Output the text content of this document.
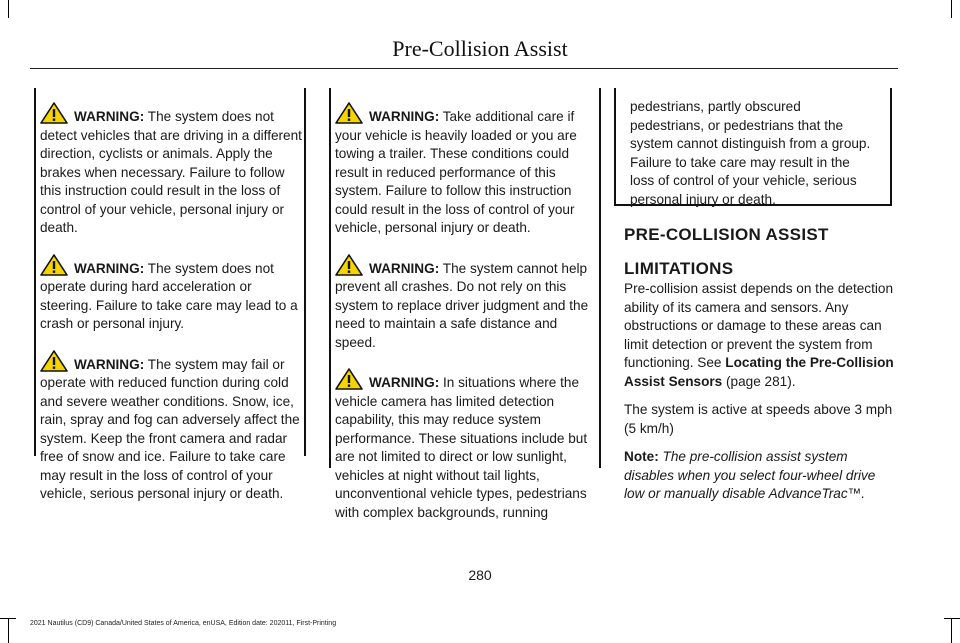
Pre-Collision Assist

WARNING: The system does not detect vehicles that are driving in a different direction, cyclists or animals. Apply the brakes when necessary. Failure to follow this instruction could result in the loss of control of your vehicle, personal injury or death.

WARNING: The system does not operate during hard acceleration or steering. Failure to take care may lead to a crash or personal injury.

WARNING: The system may fail or operate with reduced function during cold and severe weather conditions. Snow, ice, rain, spray and fog can adversely affect the system. Keep the front camera and radar free of snow and ice. Failure to take care may result in the loss of control of your vehicle, serious personal injury or death.

WARNING: Take additional care if your vehicle is heavily loaded or you are towing a trailer. These conditions could result in reduced performance of this system. Failure to follow this instruction could result in the loss of control of your vehicle, personal injury or death.

WARNING: The system cannot help prevent all crashes. Do not rely on this system to replace driver judgment and the need to maintain a safe distance and speed.

WARNING: In situations where the vehicle camera has limited detection capability, this may reduce system performance. These situations include but are not limited to direct or low sunlight, vehicles at night without tail lights, unconventional vehicle types, pedestrians with complex backgrounds, running

pedestrians, partly obscured pedestrians, or pedestrians that the system cannot distinguish from a group. Failure to take care may result in the loss of control of your vehicle, serious personal injury or death.
PRE-COLLISION ASSIST
LIMITATIONS

Pre-collision assist depends on the detection ability of its camera and sensors. Any obstructions or damage to these areas can limit detection or prevent the system from functioning. See Locating the Pre-Collision Assist Sensors (page 281).

The system is active at speeds above 3 mph (5 km/h)

Note: The pre-collision assist system disables when you select four-wheel drive low or manually disable AdvanceTrac™.

280
2021 Nautilus (CD9) Canada/United States of America, enUSA, Edition date: 202011, First-Printing
